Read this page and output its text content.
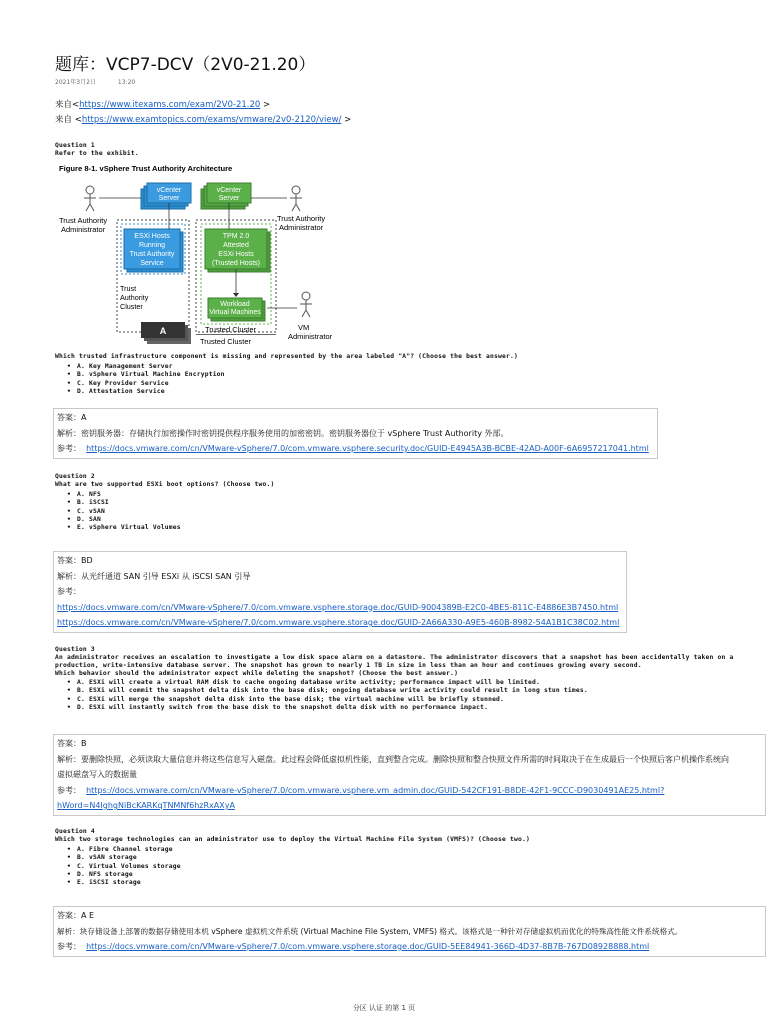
题库：VCP7-DCV（2V0-21.20）
2021年3月2日	13:20
来自<https://www.itexams.com/exam/2V0-21.20 >
来自 <https://www.examtopics.com/exams/vmware/2v0-2120/view/ >
Question 1
Refer to the exhibit.
Figure 8-1. vSphere Trust Authority Architecture
vCenter
Server
vCenter
Server
Trust Authority
Administrator
Trust Authority
Administrator
ESXi Hosts
Running
Trust Authority
Service
TPM 2.0
Attested
ESXi Hosts
(Trusted Hosts)
Trust
Authority
Cluster
A
Workload
Virtual Machines
VM
Administrator
Trusted Cluster
Trusted Cluster
Which trusted infrastructure component is missing and represented by the area labeled "A"? (Choose the best answer.)
• A. Key Management Server
• B. vSphere Virtual Machine Encryption
• C. Key Provider Service
• D. Attestation Service
答案：A
解析：密钥服务器：存储执行加密操作时密钥提供程序服务使用的加密密钥。密钥服务器位于 vSphere Trust Authority 外部。
参考： https://docs.vmware.com/cn/VMware-vSphere/7.0/com.vmware.vsphere.security.doc/GUID-E4945A3B-BCBE-42AD-A00F-6A6957217041.html
Question 2
What are two supported ESXi boot options? (Choose two.)
• A. NFS
• B. iSCSI
• C. vSAN
• D. SAN
• E. vSphere Virtual Volumes
答案：BD
解析：从光纤通道 SAN 引导 ESXi 从 iSCSI SAN 引导
参考：
https://docs.vmware.com/cn/VMware-vSphere/7.0/com.vmware.vsphere.storage.doc/GUID-9004389B-E2C0-4BE5-811C-E4886E3B7450.html
https://docs.vmware.com/cn/VMware-vSphere/7.0/com.vmware.vsphere.storage.doc/GUID-2A66A330-A9E5-460B-8982-54A1B1C38C02.html
Question 3
An administrator receives an escalation to investigate a low disk space alarm on a datastore. The administrator discovers that a snapshot has been accidentally taken on a
production, write-intensive database server. The snapshot has grown to nearly 1 TB in size in less than an hour and continues growing every second.
Which behavior should the administrator expect while deleting the snapshot? (Choose the best answer.)
• A. ESXi will create a virtual RAM disk to cache ongoing database write activity; performance impact will be limited.
• B. ESXi will commit the snapshot delta disk into the base disk; ongoing database write activity could result in long stun times.
• C. ESXi will merge the snapshot delta disk into the base disk; the virtual machine will be briefly stunned.
• D. ESXi will instantly switch from the base disk to the snapshot delta disk with no performance impact.
答案：B
解析：要删除快照，必须读取大量信息并将这些信息写入磁盘。此过程会降低虚拟机性能，直到整合完成。删除快照和整合快照文件所需的时间取决于在生成最后一个快照后客户机操作系统向
虚拟磁盘写入的数据量
参考： https://docs.vmware.com/cn/VMware-vSphere/7.0/com.vmware.vsphere.vm_admin.doc/GUID-542CF191-B8DE-42F1-9CCC-D9030491AE25.html?
hWord=N4IghgNiBcKARKqTNMNf6hzRxAXyA
Question 4
Which two storage technologies can an administrator use to deploy the Virtual Machine File System (VMFS)? (Choose two.)
• A. Fibre Channel storage
• B. vSAN storage
• C. Virtual Volumes storage
• D. NFS storage
• E. iSCSI storage
答案：A E
解析：块存储设备上部署的数据存储使用本机 vSphere 虚拟机文件系统 (Virtual Machine File System, VMFS) 格式。该格式是一种针对存储虚拟机而优化的特殊高性能文件系统格式。
参考： https://docs.vmware.com/cn/VMware-vSphere/7.0/com.vmware.vsphere.storage.doc/GUID-5EE84941-366D-4D37-8B7B-767D08928888.html
分区 认证 的第 1 页
